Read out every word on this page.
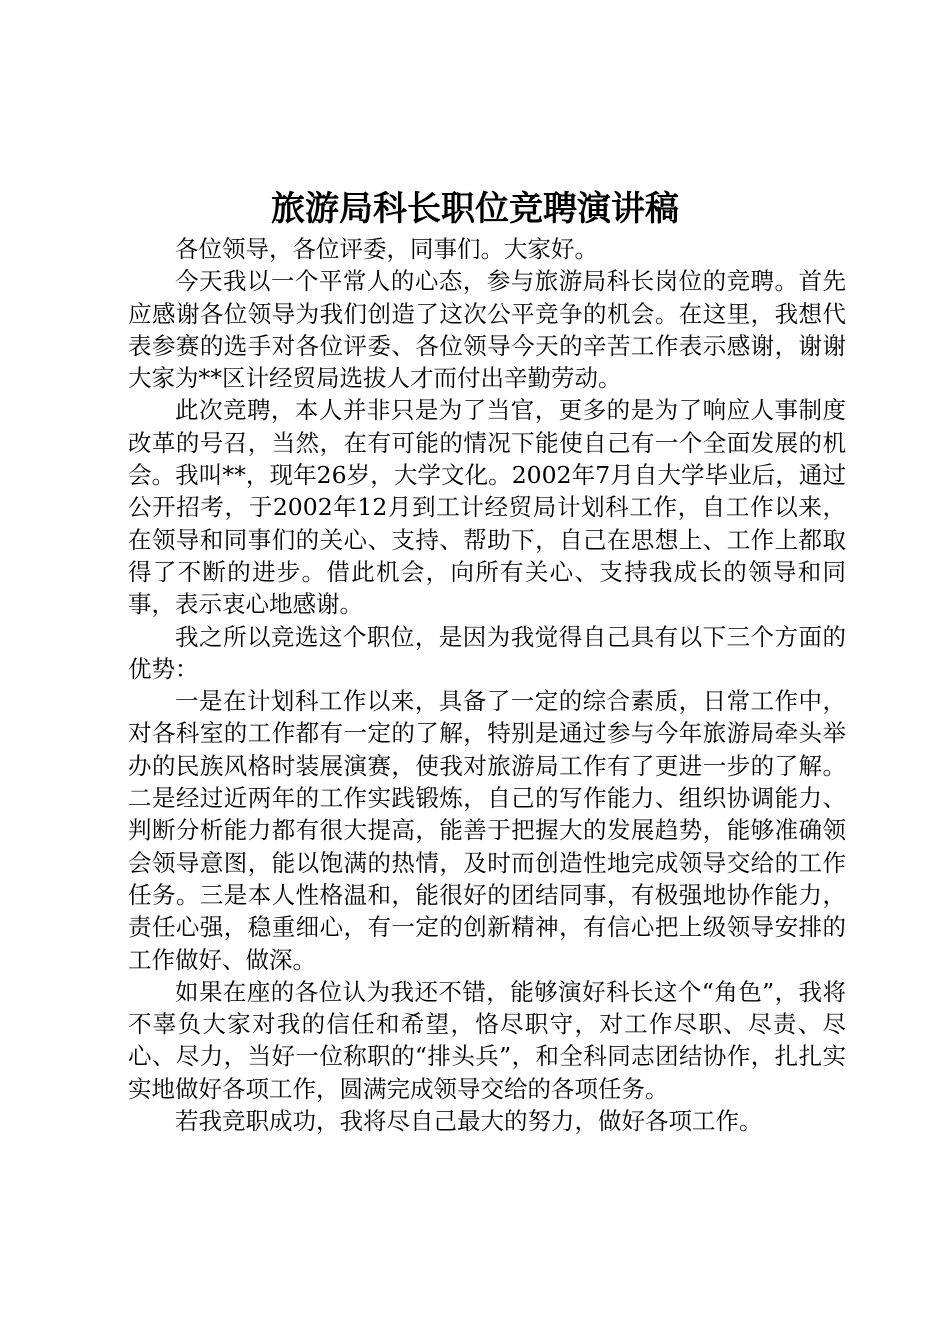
旅游局科长职位竞聘演讲稿

各位领导，各位评委，同事们。大家好。

今天我以一个平常人的心态，参与旅游局科长岗位的竞聘。首先应感谢各位领导为我们创造了这次公平竞争的机会。在这里，我想代表参赛的选手对各位评委、各位领导今天的辛苦工作表示感谢，谢谢大家为**区计经贸局选拔人才而付出辛勤劳动。

此次竞聘，本人并非只是为了当官，更多的是为了响应人事制度改革的号召，当然，在有可能的情况下能使自己有一个全面发展的机会。我叫**，现年26岁，大学文化。2002年7月自大学毕业后，通过公开招考，于2002年12月到工计经贸局计划科工作，自工作以来，在领导和同事们的关心、支持、帮助下，自己在思想上、工作上都取得了不断的进步。借此机会，向所有关心、支持我成长的领导和同事，表示衷心地感谢。

我之所以竞选这个职位，是因为我觉得自己具有以下三个方面的优势：

一是在计划科工作以来，具备了一定的综合素质，日常工作中，对各科室的工作都有一定的了解，特别是通过参与今年旅游局牵头举办的民族风格时装展演赛，使我对旅游局工作有了更进一步的了解。二是经过近两年的工作实践锻炼，自己的写作能力、组织协调能力、判断分析能力都有很大提高，能善于把握大的发展趋势，能够准确领会领导意图，能以饱满的热情，及时而创造性地完成领导交给的工作任务。三是本人性格温和，能很好的团结同事，有极强地协作能力，责任心强，稳重细心，有一定的创新精神，有信心把上级领导安排的工作做好、做深。

如果在座的各位认为我还不错，能够演好科长这个“角色”，我将不辜负大家对我的信任和希望，恪尽职守，对工作尽职、尽责、尽心、尽力，当好一位称职的“排头兵”，和全科同志团结协作，扎扎实实地做好各项工作，圆满完成领导交给的各项任务。

若我竞职成功，我将尽自己最大的努力，做好各项工作。
